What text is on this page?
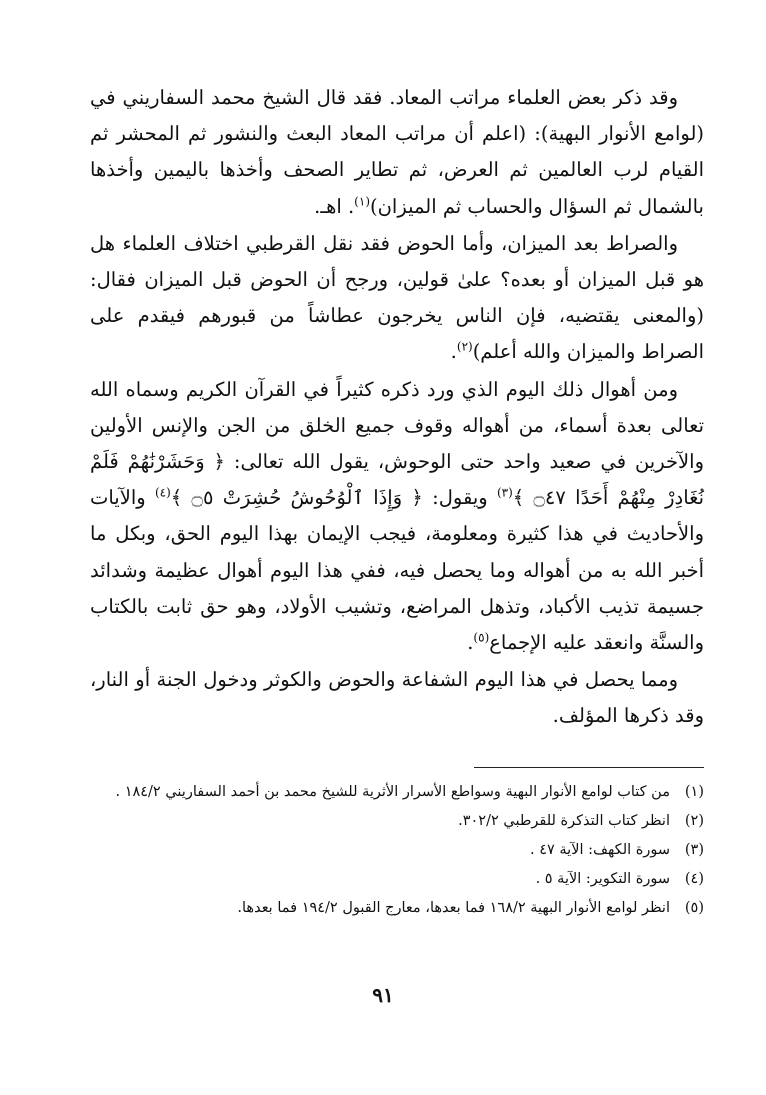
وقد ذكر بعض العلماء مراتب المعاد. فقد قال الشيخ محمد السفاريني في (لوامع الأنوار البهية): (اعلم أن مراتب المعاد البعث والنشور ثم المحشر ثم القيام لرب العالمين ثم العرض، ثم تطاير الصحف وأخذها باليمين وأخذها بالشمال ثم السؤال والحساب ثم الميزان)$^{(١)}$. اهـ.

والصراط بعد الميزان، وأما الحوض فقد نقل القرطبي اختلاف العلماء هل هو قبل الميزان أو بعده؟ علىٰ قولين، ورجح أن الحوض قبل الميزان فقال: (والمعنى يقتضيه، فإن الناس يخرجون عطاشاً من قبورهم فيقدم على الصراط والميزان والله أعلم)$^{(٢)}$.

ومن أهوال ذلك اليوم الذي ورد ذكره كثيراً في القرآن الكريم وسماه الله تعالى بعدة أسماء، من أهواله وقوف جميع الخلق من الجن والإنس الأولين والآخرين في صعيد واحد حتى الوحوش، يقول الله تعالى: ﴿ وَحَشَرْنَٰهُمْ فَلَمْ نُغَادِرْ مِنْهُمْ أَحَدًا ۝٤٧ ﴾$^{(٣)}$ ويقول: ﴿ وَإِذَا ٱلْوُحُوشُ حُشِرَتْ ۝٥ ﴾$^{(٤)}$ والآيات والأحاديث في هذا كثيرة ومعلومة، فيجب الإيمان بهذا اليوم الحق، وبكل ما أخبر الله به من أهواله وما يحصل فيه، ففي هذا اليوم أهوال عظيمة وشدائد جسيمة تذيب الأكباد، وتذهل المراضع، وتشيب الأولاد، وهو حق ثابت بالكتاب والسنَّة وانعقد عليه الإجماع$^{(٥)}$.

ومما يحصل في هذا اليوم الشفاعة والحوض والكوثر ودخول الجنة أو النار، وقد ذكرها المؤلف.

(١)
من كتاب لوامع الأنوار البهية وسواطع الأسرار الأثرية للشيخ محمد بن أحمد السفاريني ١٨٤/٢ .
(٢)
انظر كتاب التذكرة للقرطبي ٣٠٢/٢.
(٣)
سورة الكهف: الآية ٤٧ .
(٤)
سورة التكوير: الآية ٥ .
(٥)
انظر لوامع الأنوار البهية ١٦٨/٢ فما بعدها، معارج القبول ١٩٤/٢ فما بعدها.
٩١
